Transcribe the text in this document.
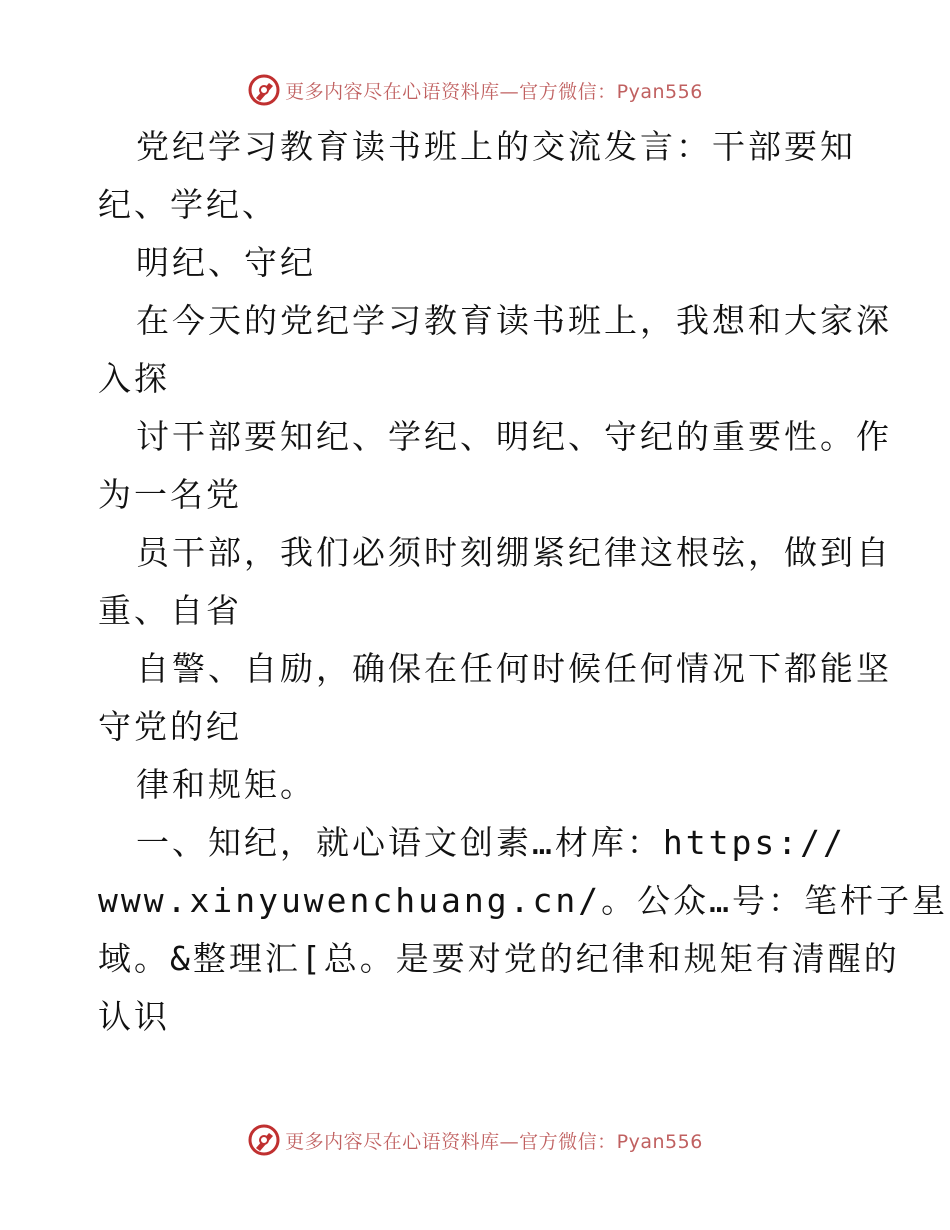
更多内容尽在心语资料库—官方微信：Pyan556
党纪学习教育读书班上的交流发言：干部要知
纪、学纪、
明纪、守纪
在今天的党纪学习教育读书班上，我想和大家深
入探
讨干部要知纪、学纪、明纪、守纪的重要性。作
为一名党
员干部，我们必须时刻绷紧纪律这根弦，做到自
重、自省
自警、自励，确保在任何时候任何情况下都能坚
守党的纪
律和规矩。
一、知纪，就心语文创素…材库：https://
www.xinyuwenchuang.cn/。公众…号：笔杆子星
域。&整理汇[总。是要对党的纪律和规矩有清醒的
认识
更多内容尽在心语资料库—官方微信：Pyan556
